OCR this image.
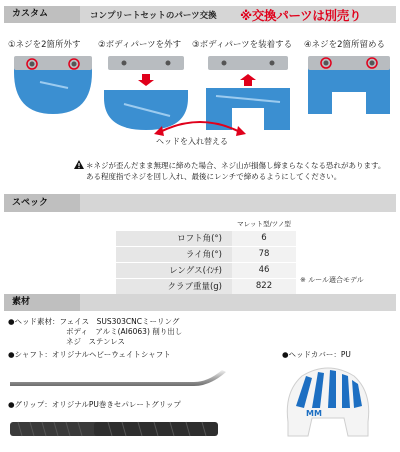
カスタム	コンプリートセットのパーツ交換 ※交換パーツは別売り
①ネジを2箇所外す ②ボディパーツを外す ③ボディパーツを装着する ④ネジを2箇所留める
ヘッドを入れ替える
＊ネジが歪んだまま無理に締めた場合、ネジ山が損傷し締まらなくなる恐れがあります。
ある程度指でネジを回し入れ、最後にレンチで締めるようにしてください。
スペック
	マレット型/ツノ型
ロフト角(°)	6
ライ角(°)	78
レングス(ｲﾝﾁ)	46
クラブ重量(g)	822
※ ルール適合モデル
素材
●ヘッド素材：フェイス　SUS303CNCミーリング
ボディ　アルミ(AI6063) 削り出し
ネジ　ステンレス
●シャフト：オリジナルヘビーウェイトシャフト
●グリップ：オリジナルPU巻きセパレートグリップ
●ヘッドカバー：PU
MM
